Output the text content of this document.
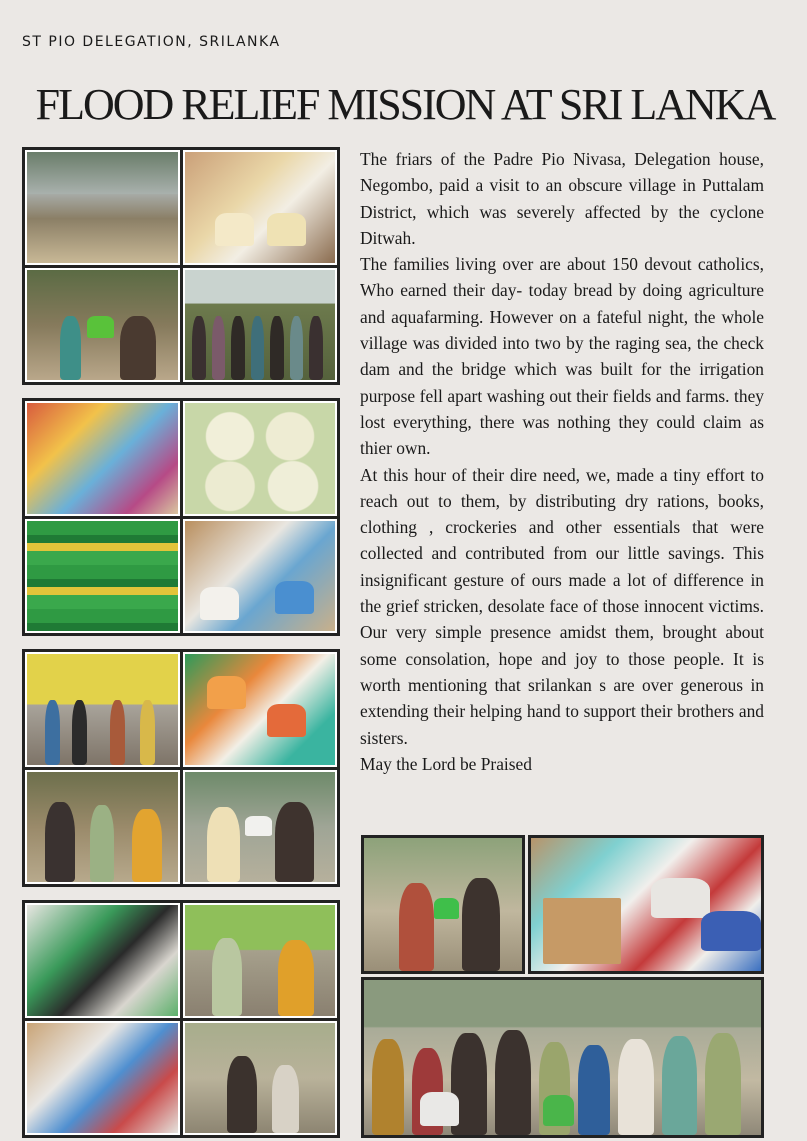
ST PIO DELEGATION, SRILANKA
FLOOD RELIEF MISSION AT SRI LANKA

The friars of the Padre Pio Nivasa, Delegation house, Negombo, paid a visit to an obscure village in Puttalam District, which was severely affected by the cyclone Ditwah.

The families living over are about 150 devout catholics, Who earned their day- today bread by doing agriculture and aquafarming. However on a fateful night, the whole village was divided into two by the raging sea, the check dam and the bridge which was built for the irrigation purpose fell apart washing out their fields and farms. they lost everything, there was nothing they could claim as thier own.

At this hour of their dire need, we, made a tiny effort to reach out to them, by distributing dry rations, books, clothing , crockeries and other essentials that were collected and contributed from our little savings. This insignificant gesture of ours made a lot of difference in the grief stricken, desolate face of those innocent victims. Our very simple presence amidst them, brought about some consolation, hope and joy to those people. It is worth mentioning that srilankan s are over generous in extending their helping hand to support their brothers and sisters.

May the Lord be Praised
